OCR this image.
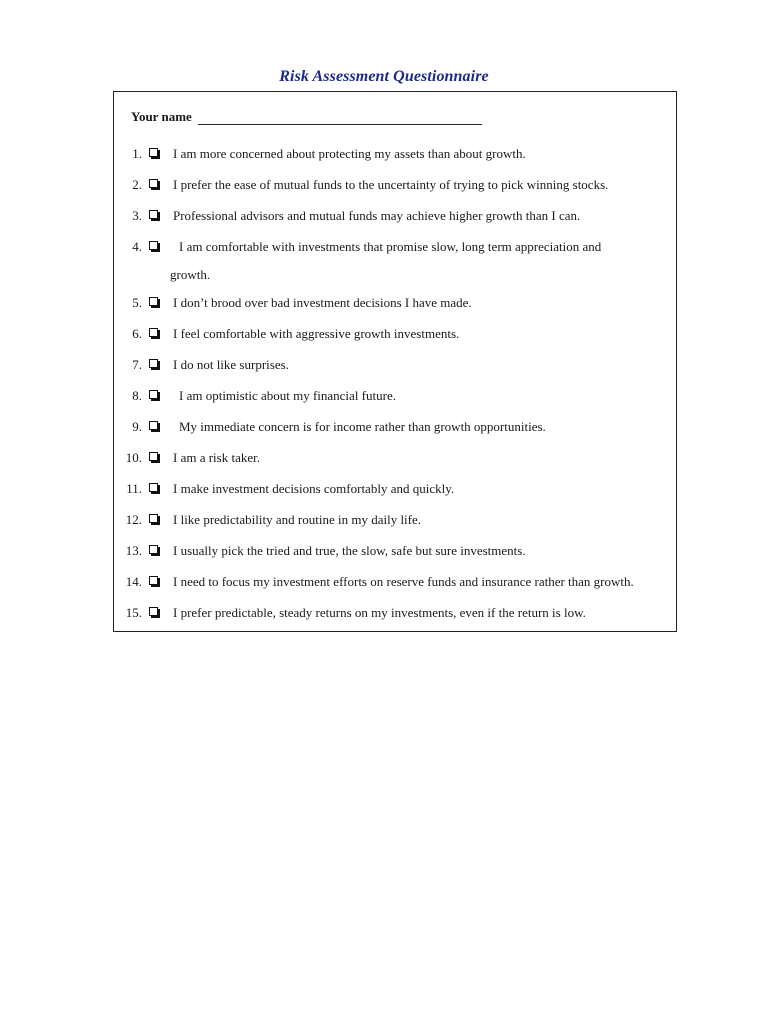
Risk Assessment Questionnaire
Your name
1. I am more concerned about protecting my assets than about growth.
2. I prefer the ease of mutual funds to the uncertainty of trying to pick winning stocks.
3. Professional advisors and mutual funds may achieve higher growth than I can.
4.	I am comfortable with investments that promise slow, long term appreciation and
growth.
5. I don’t brood over bad investment decisions I have made.
6. I feel comfortable with aggressive growth investments.
7. I do not like surprises.
8.	I am optimistic about my financial future.
9.	My immediate concern is for income rather than growth opportunities.
10. I am a risk taker.
11. I make investment decisions comfortably and quickly.
12. I like predictability and routine in my daily life.
13. I usually pick the tried and true, the slow, safe but sure investments.
14. I need to focus my investment efforts on reserve funds and insurance rather than growth.
15. I prefer predictable, steady returns on my investments, even if the return is low.
